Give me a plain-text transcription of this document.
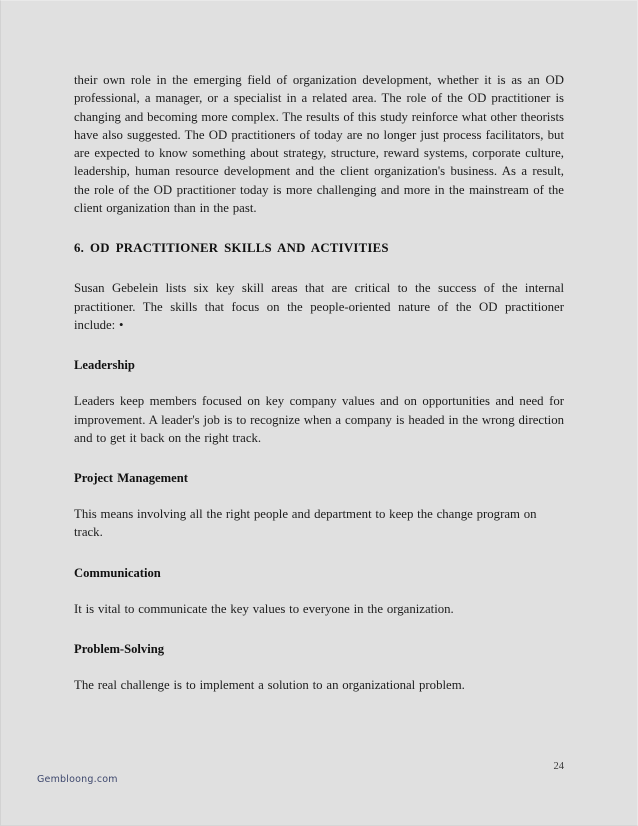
their own role in the emerging field of organization development, whether it is as an OD professional, a manager, or a specialist in a related area. The role of the OD practitioner is changing and becoming more complex. The results of this study reinforce what other theorists have also suggested. The OD practitioners of today are no longer just process facilitators, but are expected to know something about strategy, structure, reward systems, corporate culture, leadership, human resource development and the client organization's business. As a result, the role of the OD practitioner today is more challenging and more in the mainstream of the client organization than in the past.

6. OD PRACTITIONER SKILLS AND ACTIVITIES

Susan Gebelein lists six key skill areas that are critical to the success of the internal practitioner. The skills that focus on the people-oriented nature of the OD practitioner include: •

Leadership

Leaders keep members focused on key company values and on opportunities and need for improvement. A leader's job is to recognize when a company is headed in the wrong direction and to get it back on the right track.

Project Management

This means involving all the right people and department to keep the change program on track.

Communication

It is vital to communicate the key values to everyone in the organization.

Problem-Solving

The real challenge is to implement a solution to an organizational problem.

24
Gembloong.com
